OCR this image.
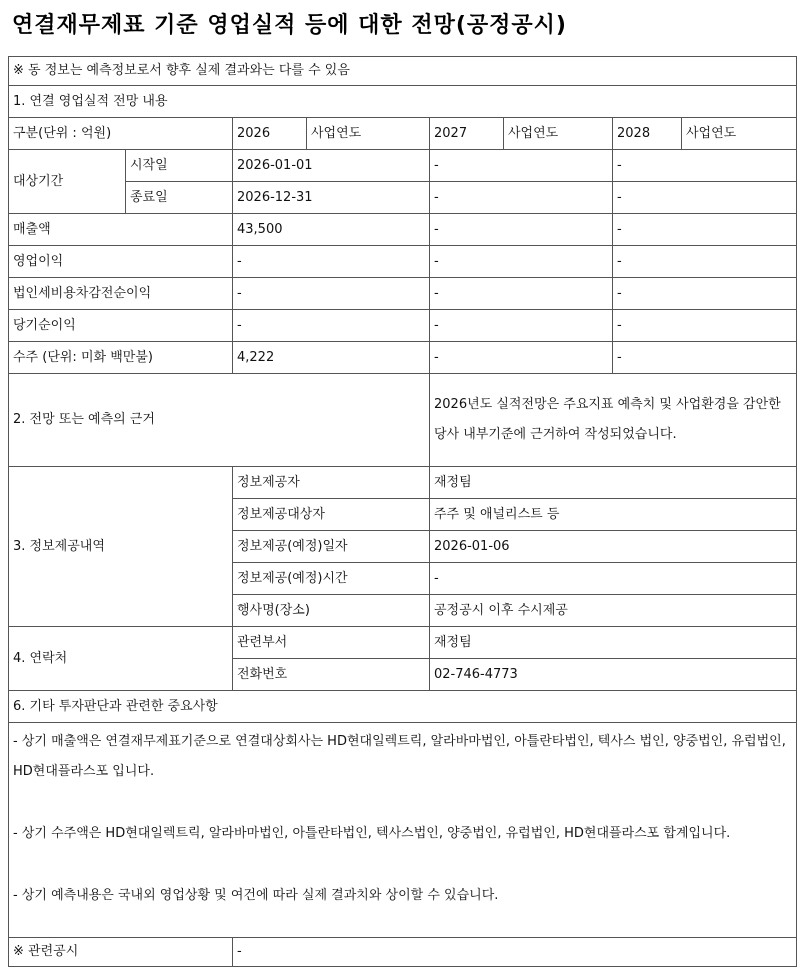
연결재무제표 기준 영업실적 등에 대한 전망(공정공시)
※ 동 정보는 예측정보로서 향후 실제 결과와는 다를 수 있음							
1. 연결 영업실적 전망 내용							
구분(단위 : 억원)		2026	사업연도	2027	사업연도	2028	사업연도
대상기간	시작일	2026-01-01		-		-	
	종료일	2026-12-31		-		-	
매출액		43,500		-		-	
영업이익		-		-		-	
법인세비용차감전순이익		-		-		-	
당기순이익		-		-		-	
수주 (단위: 미화 백만불)		4,222		-		-	
2. 전망 또는 예측의 근거				2026년도 실적전망은 주요지표 예측치 및 사업환경을 감안한 당사 내부기준에 근거하여 작성되었습니다.			
3. 정보제공내역		정보제공자		재정팀			
		정보제공대상자		주주 및 애널리스트 등			
		정보제공(예정)일자		2026-01-06			
		정보제공(예정)시간		-			
		행사명(장소)		공정공시 이후 수시제공			
4. 연락처		관련부서		재정팀			
		전화번호		02-746-4773			
6. 기타 투자판단과 관련한 중요사항							

- 상기 매출액은 연결재무제표기준으로 연결대상회사는 HD현대일렉트릭, 알라바마법인, 아틀란타법인, 텍사스 법인, 양중법인, 유럽법인, HD현대플라스포 입니다.
- 상기 수주액은 HD현대일렉트릭, 알라바마법인, 아틀란타법인, 텍사스법인, 양중법인, 유럽법인, HD현대플라스포 합계입니다.
- 상기 예측내용은 국내외 영업상황 및 여건에 따라 실제 결과치와 상이할 수 있습니다.							

※ 관련공시		-					
